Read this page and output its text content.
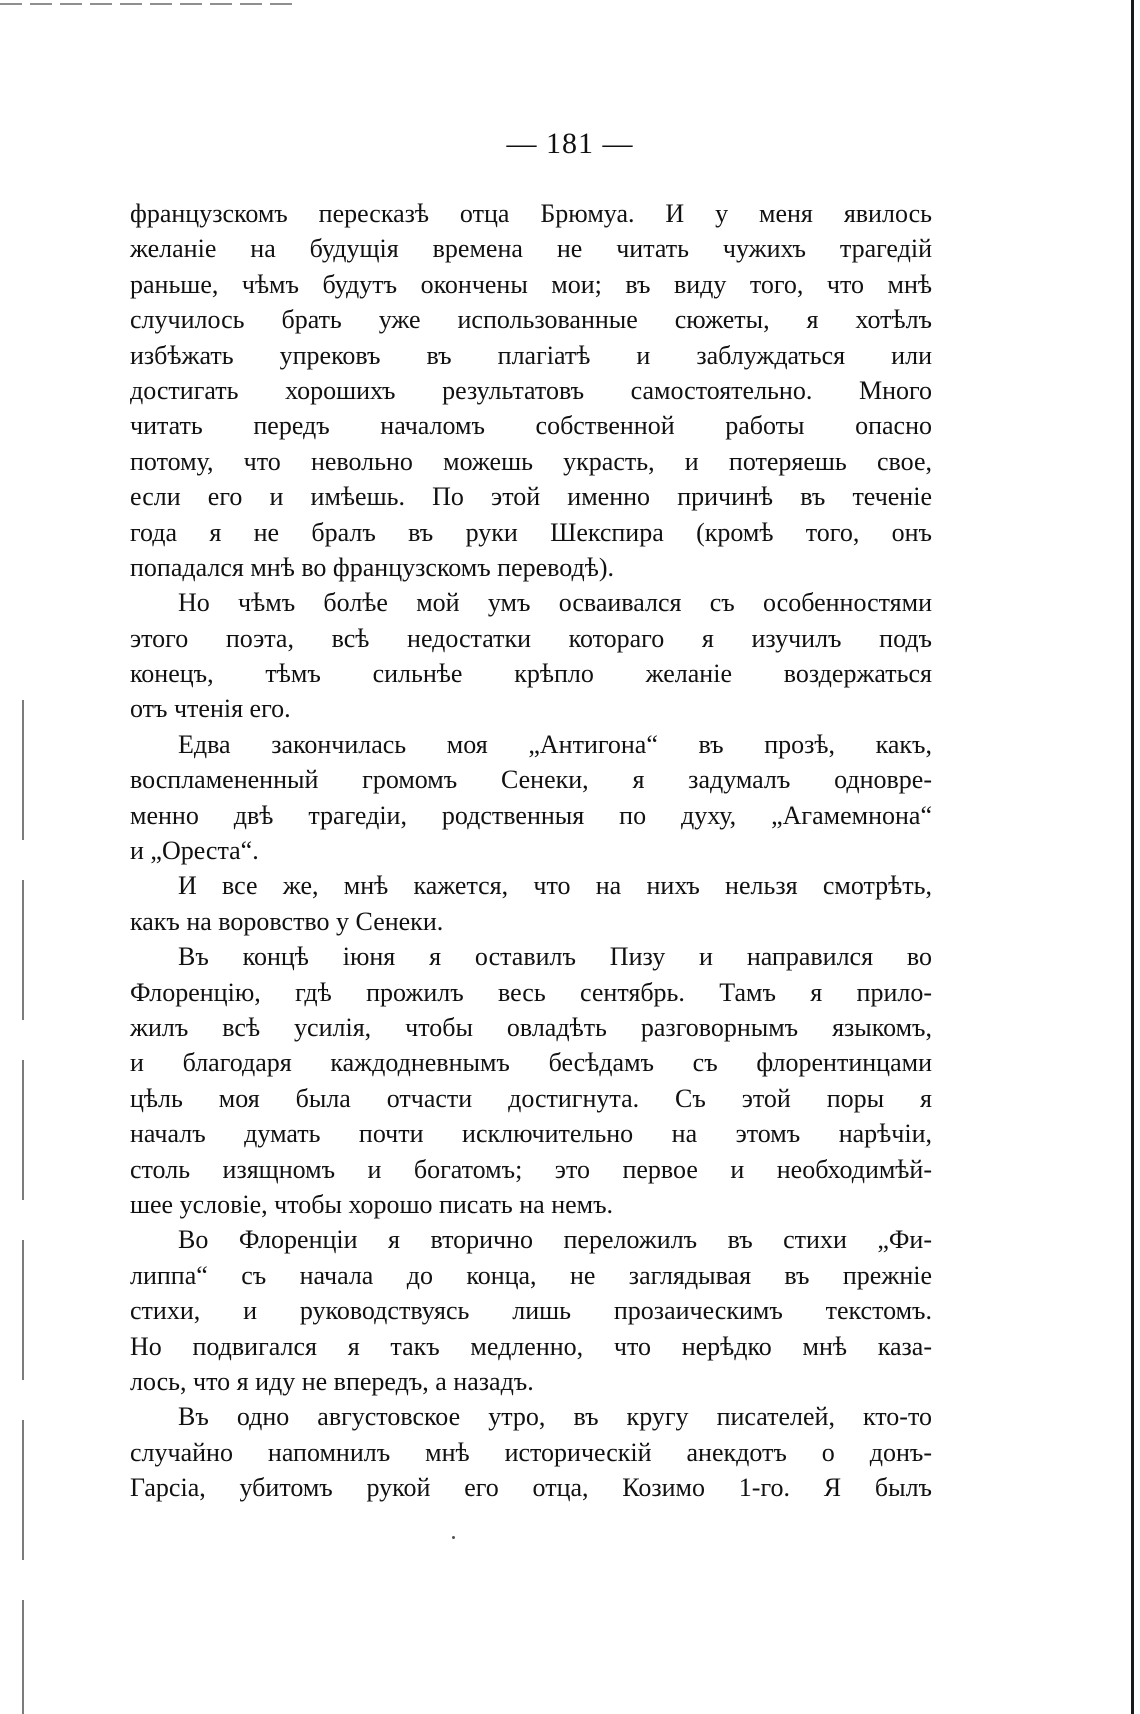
— 181 —
французскомъ пересказѣ отца Брюмуа. И у меня явилось
желаніе на будущія времена не читать чужихъ трагедій
раньше, чѣмъ будутъ окончены мои; въ виду того, что мнѣ
случилось брать уже использованные сюжеты, я хотѣлъ
избѣжать упрековъ въ плагіатѣ и заблуждаться или
достигать хорошихъ результатовъ самостоятельно. Много
читать передъ началомъ собственной работы опасно
потому, что невольно можешь украсть, и потеряешь свое,
если его и имѣешь. По этой именно причинѣ въ теченіе
года я не бралъ въ руки Шекспира (кромѣ того, онъ
попадался мнѣ во французскомъ переводѣ).
Но чѣмъ болѣе мой умъ осваивался съ особенностями
этого поэта, всѣ недостатки котораго я изучилъ подъ
конецъ, тѣмъ сильнѣе крѣпло желаніе воздержаться
отъ чтенія его.
Едва закончилась моя „Антигона“ въ прозѣ, какъ,
воспламененный громомъ Сенеки, я задумалъ одновре-
менно двѣ трагедіи, родственныя по духу, „Агамемнона“
и „Ореста“.
И все же, мнѣ кажется, что на нихъ нельзя смотрѣть,
какъ на воровство у Сенеки.
Въ концѣ іюня я оставилъ Пизу и направился во
Флоренцію, гдѣ прожилъ весь сентябрь. Тамъ я прило-
жилъ всѣ усилія, чтобы овладѣть разговорнымъ языкомъ,
и благодаря каждодневнымъ бесѣдамъ съ флорентинцами
цѣль моя была отчасти достигнута. Съ этой поры я
началъ думать почти исключительно на этомъ нарѣчіи,
столь изящномъ и богатомъ; это первое и необходимѣй-
шее условіе, чтобы хорошо писать на немъ.
Во Флоренціи я вторично переложилъ въ стихи „Фи-
липпа“ съ начала до конца, не заглядывая въ прежніе
стихи, и руководствуясь лишь прозаическимъ текстомъ.
Но подвигался я такъ медленно, что нерѣдко мнѣ каза-
лось, что я иду не впередъ, а назадъ.
Въ одно августовское утро, въ кругу писателей, кто-то
случайно напомнилъ мнѣ историческій анекдотъ о донъ-
Гарсіа, убитомъ рукой его отца, Козимо 1-го. Я былъ
